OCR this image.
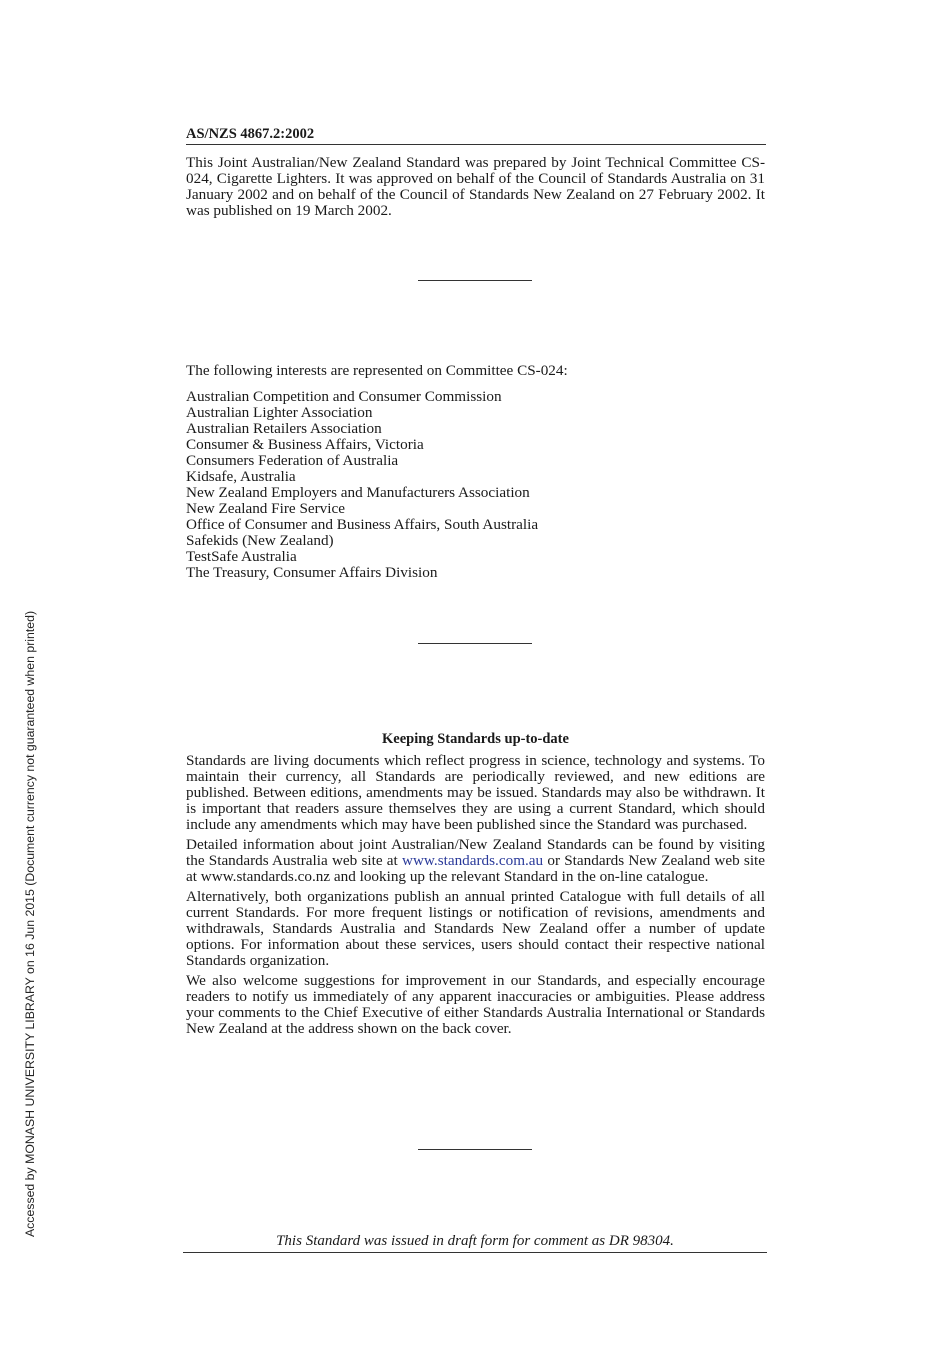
Accessed by MONASH UNIVERSITY LIBRARY on 16 Jun 2015 (Document currency not guaranteed when printed)
AS/NZS 4867.2:2002

This Joint Australian/New Zealand Standard was prepared by Joint Technical Committee CS-024, Cigarette Lighters. It was approved on behalf of the Council of Standards Australia on 31 January 2002 and on behalf of the Council of Standards New Zealand on 27 February 2002. It was published on 19 March 2002.

The following interests are represented on Committee CS-024:

Australian Competition and Consumer Commission
Australian Lighter Association
Australian Retailers Association
Consumer & Business Affairs, Victoria
Consumers Federation of Australia
Kidsafe, Australia
New Zealand Employers and Manufacturers Association
New Zealand Fire Service
Office of Consumer and Business Affairs, South Australia
Safekids (New Zealand)
TestSafe Australia
The Treasury, Consumer Affairs Division
Keeping Standards up-to-date

Standards are living documents which reflect progress in science, technology and systems. To maintain their currency, all Standards are periodically reviewed, and new editions are published. Between editions, amendments may be issued. Standards may also be withdrawn. It is important that readers assure themselves they are using a current Standard, which should include any amendments which may have been published since the Standard was purchased.

Detailed information about joint Australian/New Zealand Standards can be found by visiting the Standards Australia web site at www.standards.com.au or Standards New Zealand web site at www.standards.co.nz and looking up the relevant Standard in the on-line catalogue.

Alternatively, both organizations publish an annual printed Catalogue with full details of all current Standards. For more frequent listings or notification of revisions, amendments and withdrawals, Standards Australia and Standards New Zealand offer a number of update options. For information about these services, users should contact their respective national Standards organization.

We also welcome suggestions for improvement in our Standards, and especially encourage readers to notify us immediately of any apparent inaccuracies or ambiguities. Please address your comments to the Chief Executive of either Standards Australia International or Standards New Zealand at the address shown on the back cover.

This Standard was issued in draft form for comment as DR 98304.
